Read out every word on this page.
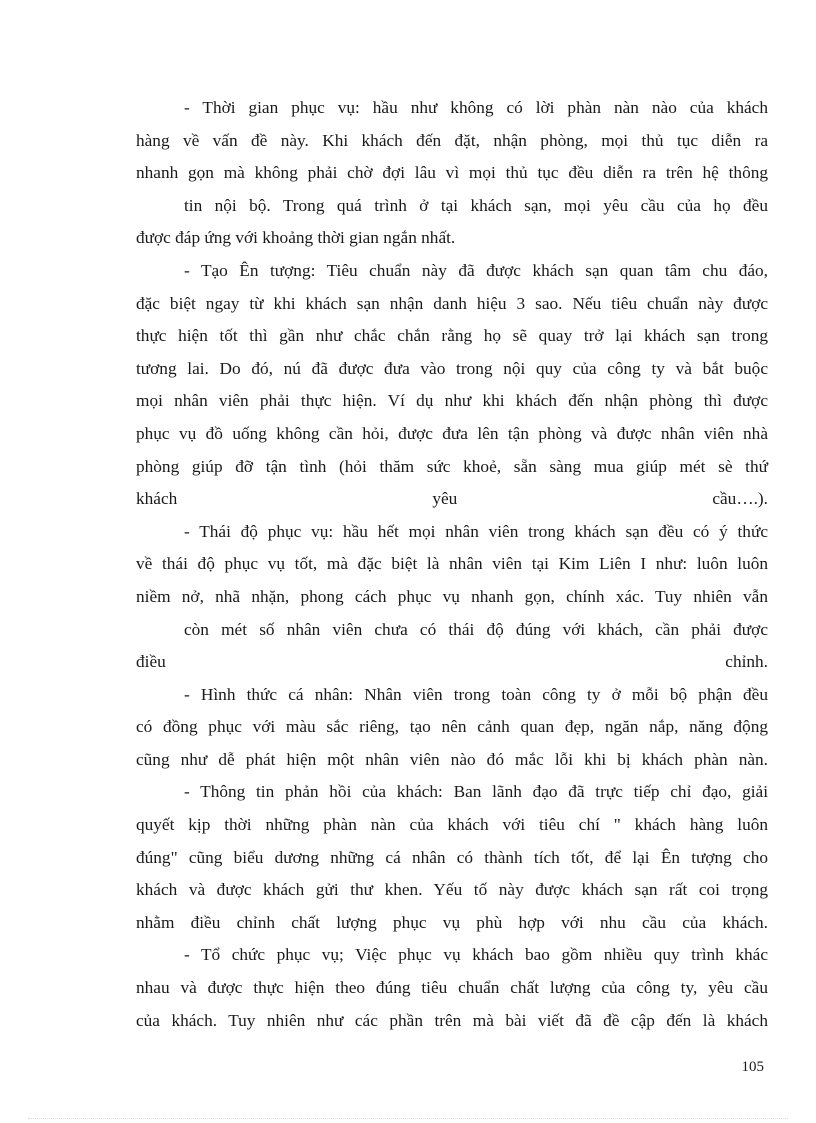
- Thời gian phục vụ: hầu như không có lời phàn nàn nào của khách
hàng về vấn đề này. Khi khách đến đặt, nhận phòng, mọi thủ tục diễn ra
nhanh gọn mà không phải chờ đợi lâu vì mọi thủ tục đều diễn ra trên hệ thông
tin nội bộ. Trong quá trình ở tại khách sạn, mọi yêu cầu của họ đều
được đáp ứng với khoảng thời gian ngắn nhất.
- Tạo Ên tượng: Tiêu chuẩn này đã được khách sạn quan tâm chu đáo,
đặc biệt ngay từ khi khách sạn nhận danh hiệu 3 sao. Nếu tiêu chuẩn này được
thực hiện tốt thì gần như chắc chắn rằng họ sẽ quay trở lại khách sạn trong
tương lai. Do đó, nú đã được đưa vào trong nội quy của công ty và bắt buộc
mọi nhân viên phải thực hiện. Ví dụ như khi khách đến nhận phòng thì được
phục vụ đồ uống không cần hỏi, được đưa lên tận phòng và được nhân viên nhà
phòng giúp đỡ tận tình (hỏi thăm sức khoẻ, sẵn sàng mua giúp mét sè thứ
khách yêu cầu….).
- Thái độ phục vụ: hầu hết mọi nhân viên trong khách sạn đều có ý thức
về thái độ phục vụ tốt, mà đặc biệt là nhân viên tại Kim Liên I như: luôn luôn
niềm nở, nhã nhặn, phong cách phục vụ nhanh gọn, chính xác. Tuy nhiên vẫn
còn mét số nhân viên chưa có thái độ đúng với khách, cần phải được
điều chỉnh.
- Hình thức cá nhân: Nhân viên trong toàn công ty ở mỗi bộ phận đều
có đồng phục với màu sắc riêng, tạo nên cảnh quan đẹp, ngăn nắp, năng động
cũng như dễ phát hiện một nhân viên nào đó mắc lỗi khi bị khách phàn nàn.
- Thông tin phản hồi của khách: Ban lãnh đạo đã trực tiếp chỉ đạo, giải
quyết kịp thời những phàn nàn của khách với tiêu chí " khách hàng luôn
đúng" cũng biểu dương những cá nhân có thành tích tốt, để lại Ên tượng cho
khách và được khách gửi thư khen. Yếu tố này được khách sạn rất coi trọng
nhằm điều chỉnh chất lượng phục vụ phù hợp với nhu cầu của khách.
- Tổ chức phục vụ; Việc phục vụ khách bao gồm nhiều quy trình khác
nhau và được thực hiện theo đúng tiêu chuẩn chất lượng của công ty, yêu cầu
của khách. Tuy nhiên như các phần trên mà bài viết đã đề cập đến là khách
105
